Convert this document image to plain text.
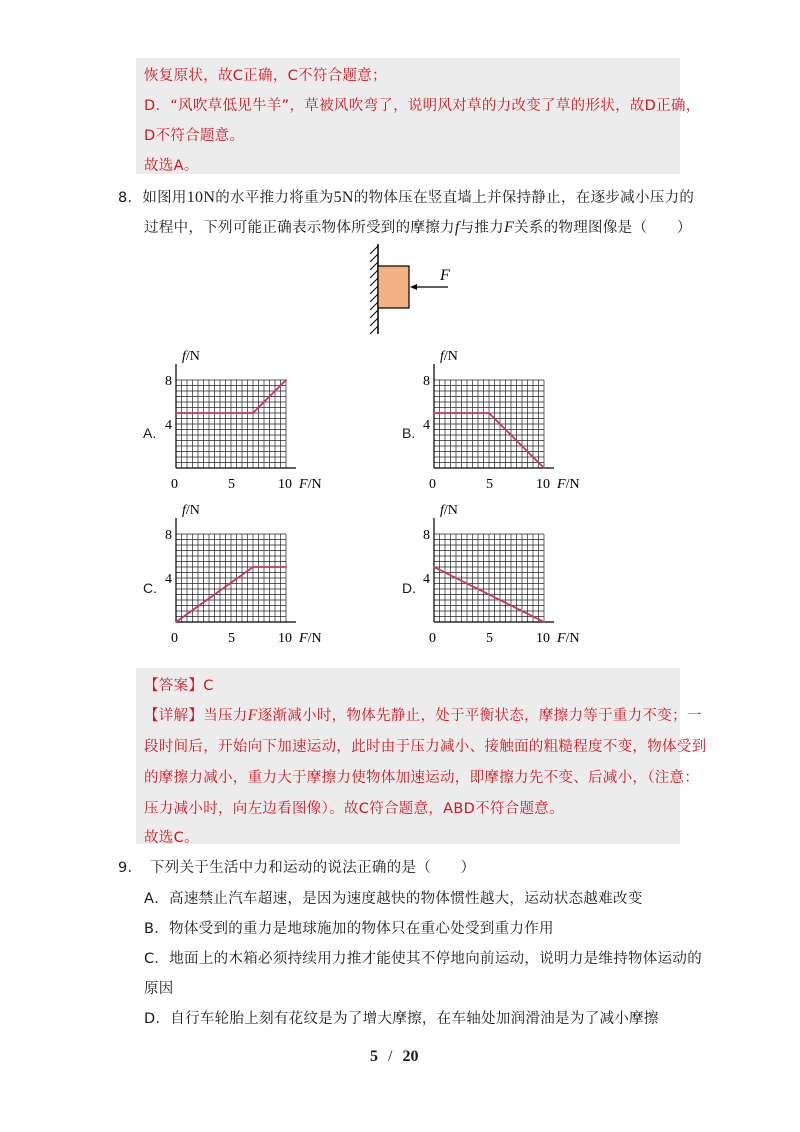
恢复原状，故C正确，C不符合题意；
D．“风吹草低见牛羊”，草被风吹弯了，说明风对草的力改变了草的形状，故D正确，
D不符合题意。
故选A。
8．如图用10N的水平推力将重为5N的物体压在竖直墙上并保持静止，在逐步减小压力的
过程中，下列可能正确表示物体所受到的摩擦力f与推力F关系的物理图像是（　　）
F
8
4
0	5	10
f/N
F/N
A.
8
4
0	5	10
f/N
F/N
B.
8
4
0	5	10
f/N
F/N
C.
8
4
0	5	10
f/N
F/N
D.
【答案】C
【详解】当压力F逐渐减小时，物体先静止，处于平衡状态，摩擦力等于重力不变；一
段时间后，开始向下加速运动，此时由于压力减小、接触面的粗糙程度不变，物体受到
的摩擦力减小，重力大于摩擦力使物体加速运动，即摩擦力先不变、后减小，（注意：
压力减小时，向左边看图像）。故C符合题意，ABD不符合题意。
故选C。
9．　下列关于生活中力和运动的说法正确的是（　　）
A．高速禁止汽车超速，是因为速度越快的物体惯性越大，运动状态越难改变
B．物体受到的重力是地球施加的物体只在重心处受到重力作用
C．地面上的木箱必须持续用力推才能使其不停地向前运动，说明力是维持物体运动的
原因
D．自行车轮胎上刻有花纹是为了增大摩擦，在车轴处加润滑油是为了减小摩擦
5 / 20
